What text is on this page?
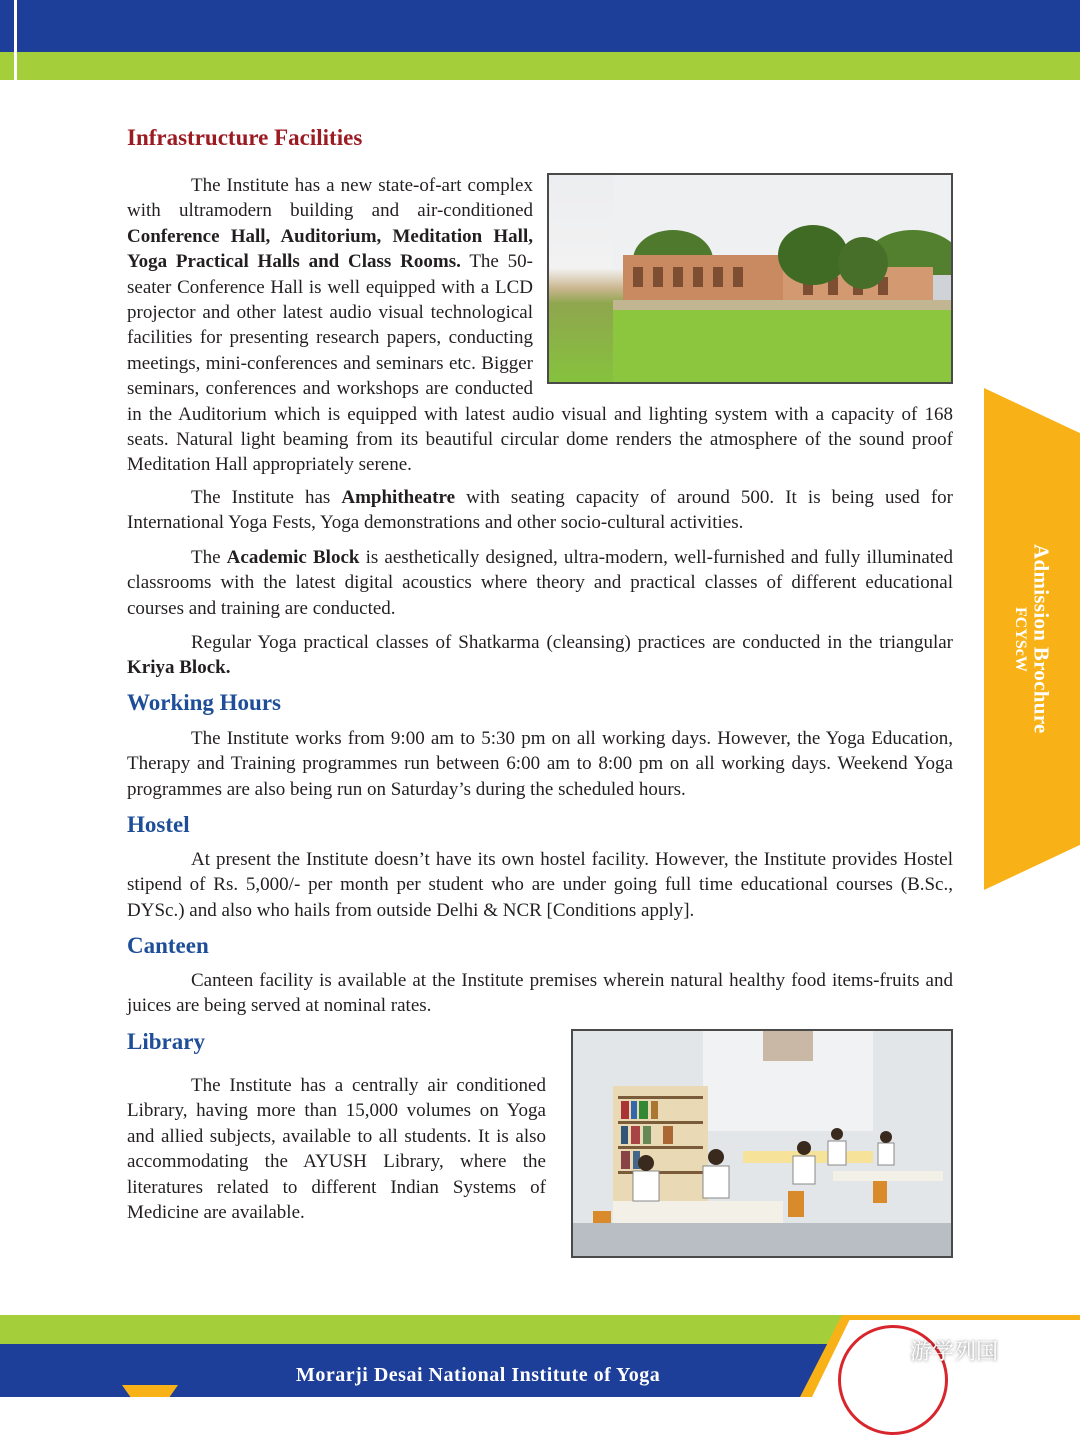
Admission Brochure
FCYScW
Infrastructure Facilities
The Institute has a new state-of-art complex with ultramodern building and air-conditioned Conference Hall, Auditorium, Meditation Hall, Yoga Practical Halls and Class Rooms. The 50-seater Conference Hall is well equipped with a LCD projector and other latest audio visual technological facilities for presenting research papers, conducting meetings, mini-conferences and seminars etc. Bigger seminars, conferences and workshops are conducted in the Auditorium which is equipped with latest audio visual and lighting system with a capacity of 168 seats. Natural light beaming from its beautiful circular dome renders the atmosphere of the sound proof Meditation Hall appropriately serene.
The Institute has Amphitheatre with seating capacity of around 500. It is being used for International Yoga Fests, Yoga demonstrations and other socio-cultural activities.
The Academic Block is aesthetically designed, ultra-modern, well-furnished and fully illuminated classrooms with the latest digital acoustics where theory and practical classes of different educational courses and training are conducted.
Regular Yoga practical classes of Shatkarma (cleansing) practices are conducted in the triangular Kriya Block.
Working Hours
The Institute works from 9:00 am to 5:30 pm on all working days. However, the Yoga Education, Therapy and Training programmes run between 6:00 am to 8:00 pm on all working days. Weekend Yoga programmes are also being run on Saturday’s during the scheduled hours.
Hostel
At present the Institute doesn’t have its own hostel facility. However, the Institute provides Hostel stipend of Rs. 5,000/- per month per student who are under going full time educational courses (B.Sc., DYSc.) and also who hails from outside Delhi & NCR [Conditions apply].
Canteen
Canteen facility is available at the Institute premises wherein natural healthy food items-fruits and juices are being served at nominal rates.
Library
The Institute has a centrally air conditioned Library, having more than 15,000 volumes on Yoga and allied subjects, available to all students. It is also accommodating the AYUSH Library, where the literatures related to different Indian Systems of Medicine are available.
Morarji Desai National Institute of Yoga
游学列国
